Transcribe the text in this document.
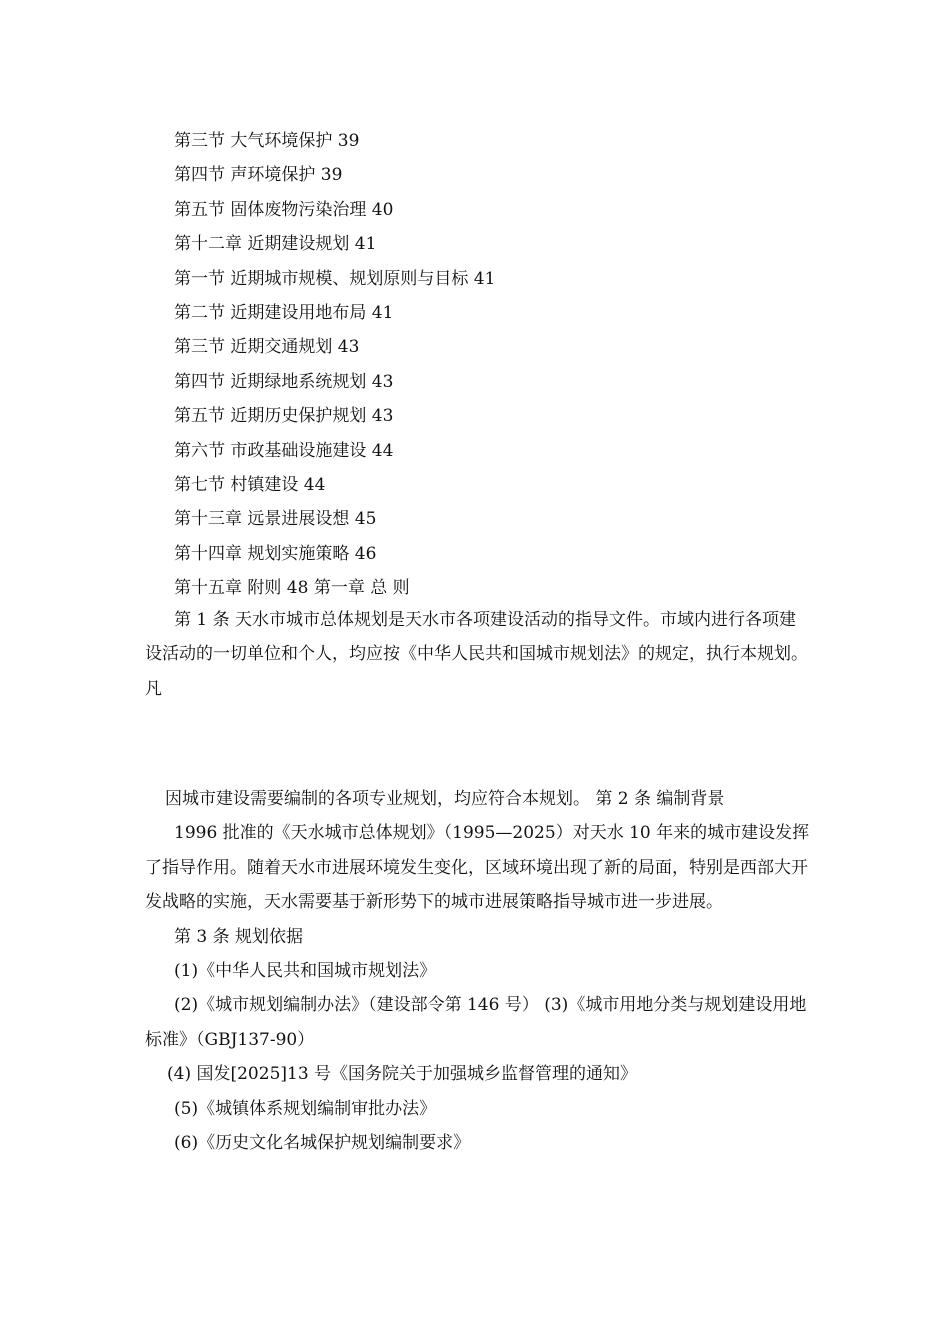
第三节 大气环境保护 39
第四节 声环境保护 39
第五节 固体废物污染治理 40
第十二章 近期建设规划 41
第一节 近期城市规模、规划原则与目标 41
第二节 近期建设用地布局 41
第三节 近期交通规划 43
第四节 近期绿地系统规划 43
第五节 近期历史保护规划 43
第六节 市政基础设施建设 44
第七节 村镇建设 44
第十三章 远景进展设想 45
第十四章 规划实施策略 46
第十五章 附则 48 第一章 总 则

第 1 条 天水市城市总体规划是天水市各项建设活动的指导文件。市域内进行各项建设活动的一切单位和个人，均应按《中华人民共和国城市规划法》的规定，执行本规划。凡

因城市建设需要编制的各项专业规划，均应符合本规划。 第 2 条 编制背景

1996 批准的《天水城市总体规划》（1995—2025）对天水 10 年来的城市建设发挥了指导作用。随着天水市进展环境发生变化，区域环境出现了新的局面，特别是西部大开发战略的实施，天水需要基于新形势下的城市进展策略指导城市进一步进展。

第 3 条 规划依据

(1)《中华人民共和国城市规划法》

(2)《城市规划编制办法》（建设部令第 146 号） (3)《城市用地分类与规划建设用地标准》（GBJ137-90）

(4) 国发[2025]13 号《国务院关于加强城乡监督管理的通知》

(5)《城镇体系规划编制审批办法》

(6)《历史文化名城保护规划编制要求》
